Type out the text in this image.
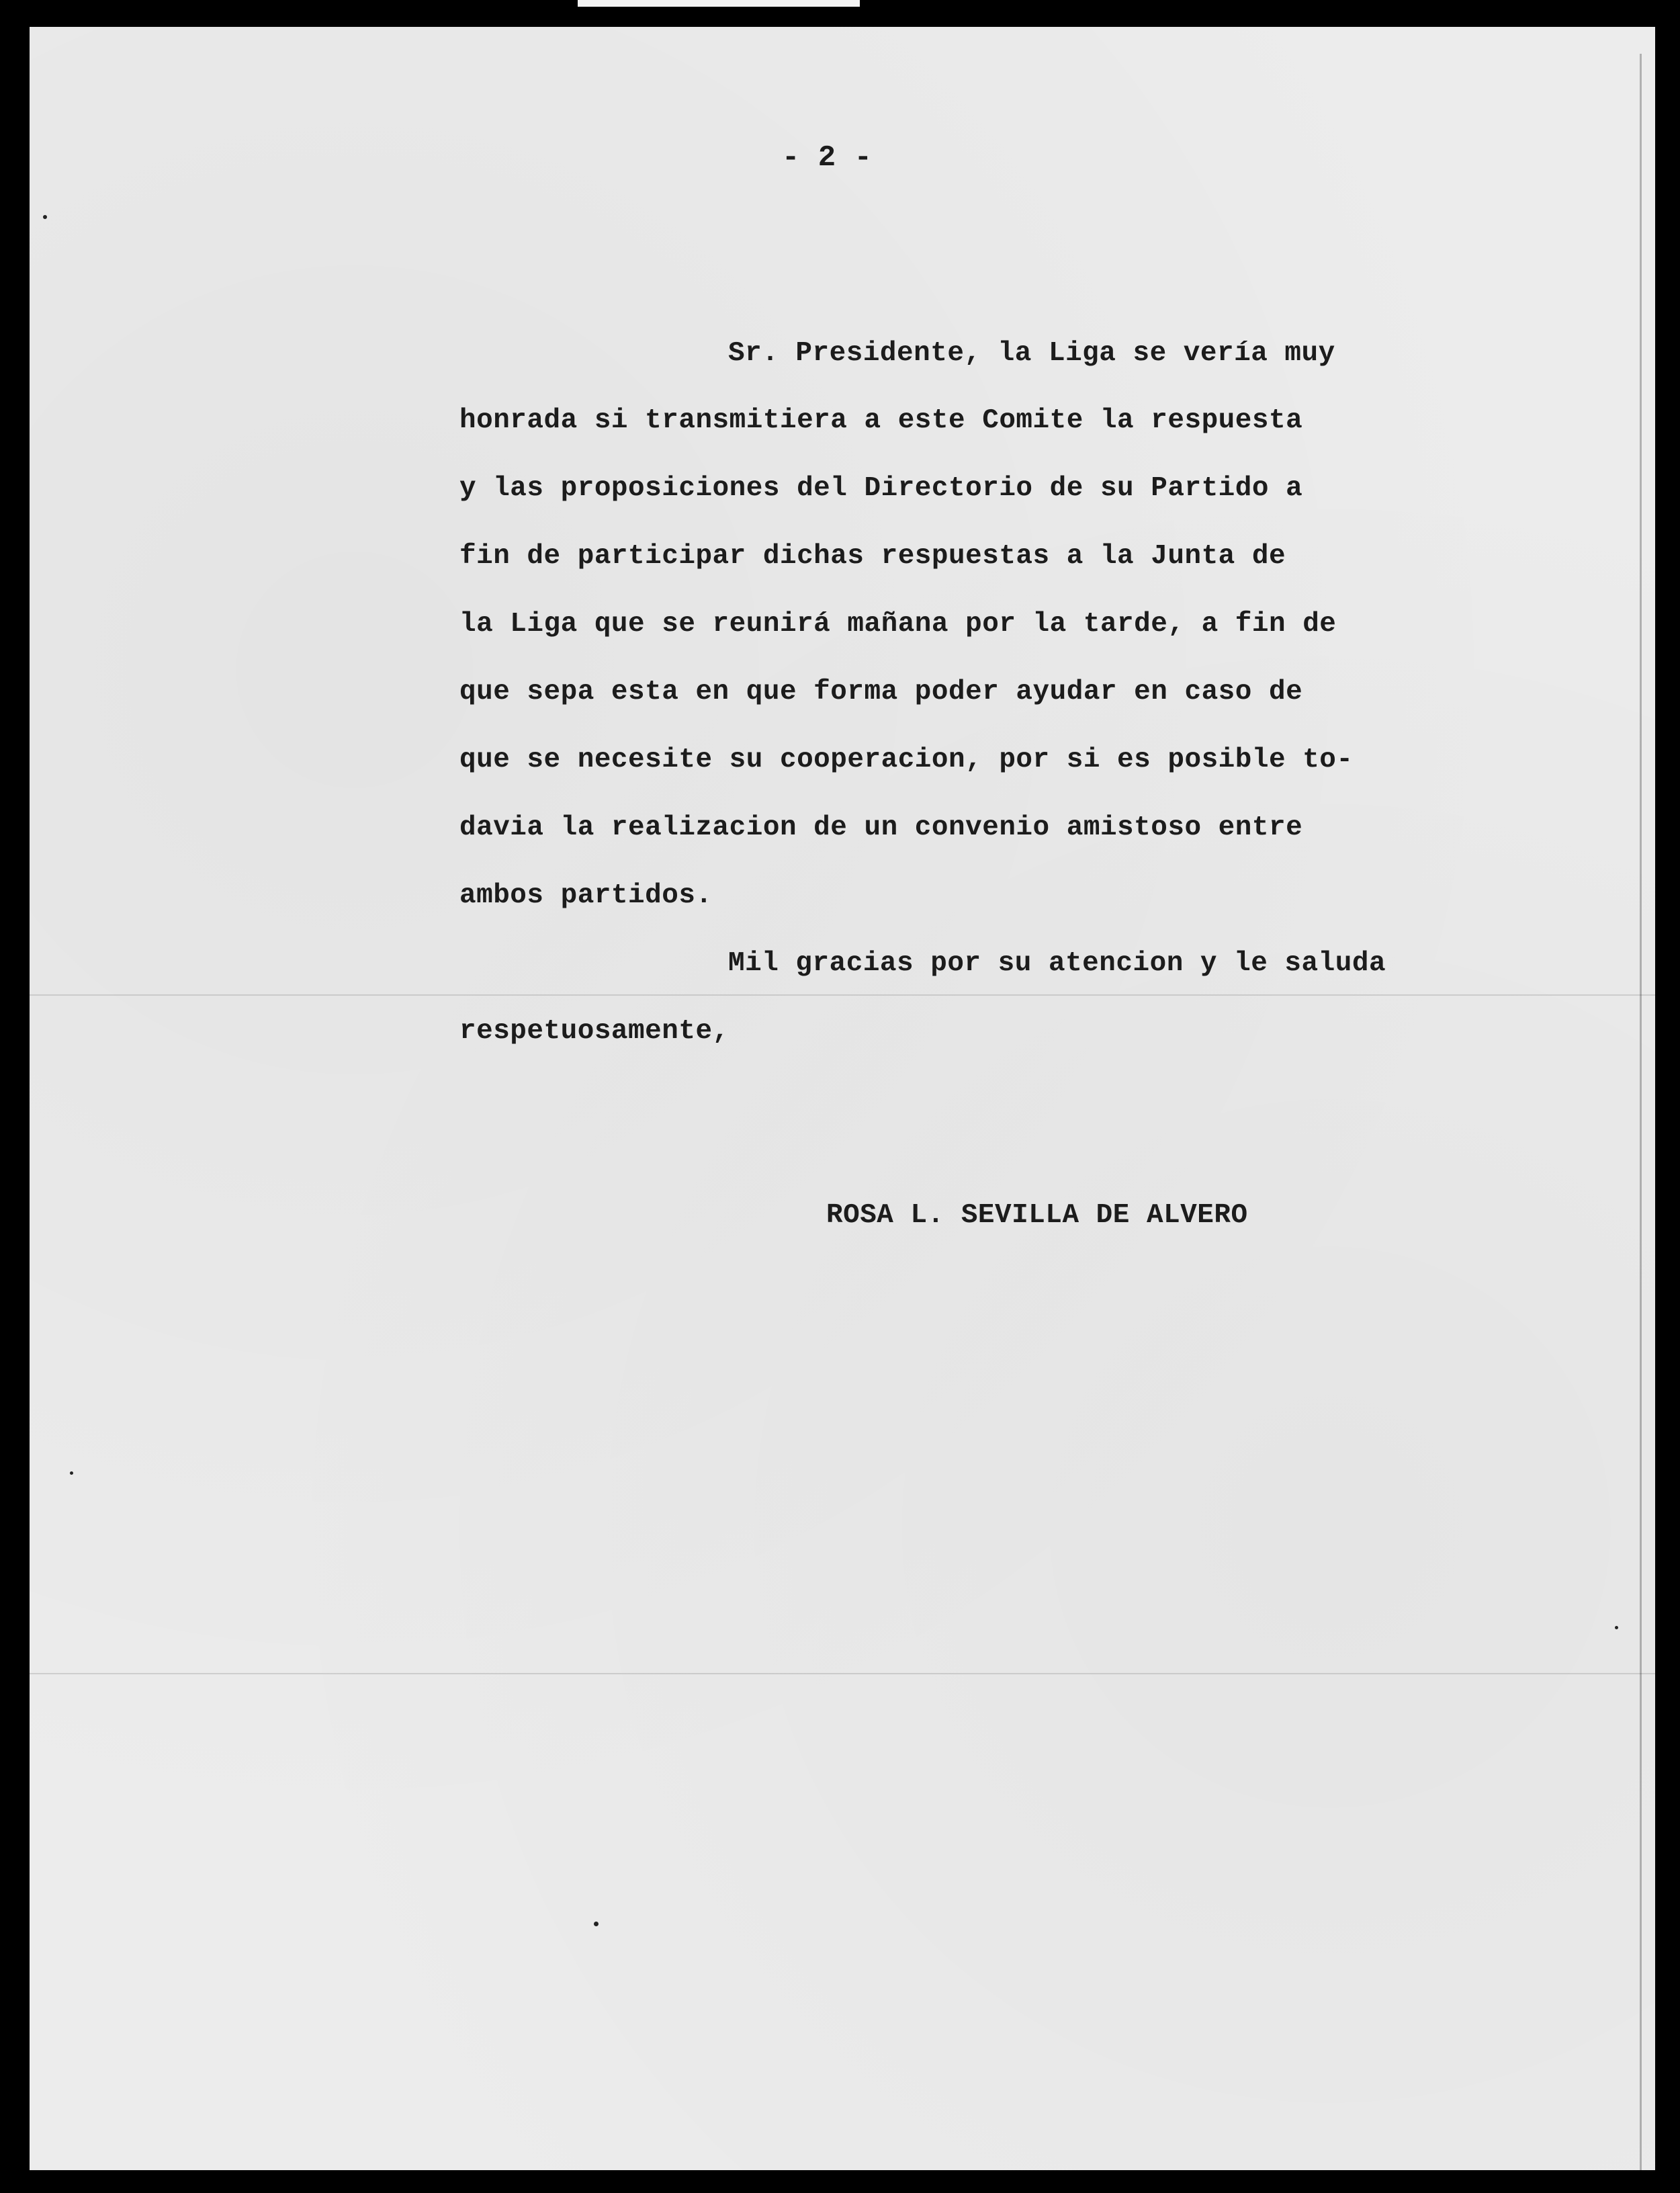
- 2 -
Sr. Presidente, la Liga se vería muy
honrada si transmitiera a este Comite la respuesta
y las proposiciones del Directorio de su Partido a
fin de participar dichas respuestas a la Junta de
la Liga que se reunirá mañana por la tarde, a fin de
que sepa esta en que forma poder ayudar en caso de
que se necesite su cooperacion, por si es posible to-
davia la realizacion de un convenio amistoso entre
ambos partidos.
Mil gracias por su atencion y le saluda
respetuosamente,
ROSA L. SEVILLA DE ALVERO
